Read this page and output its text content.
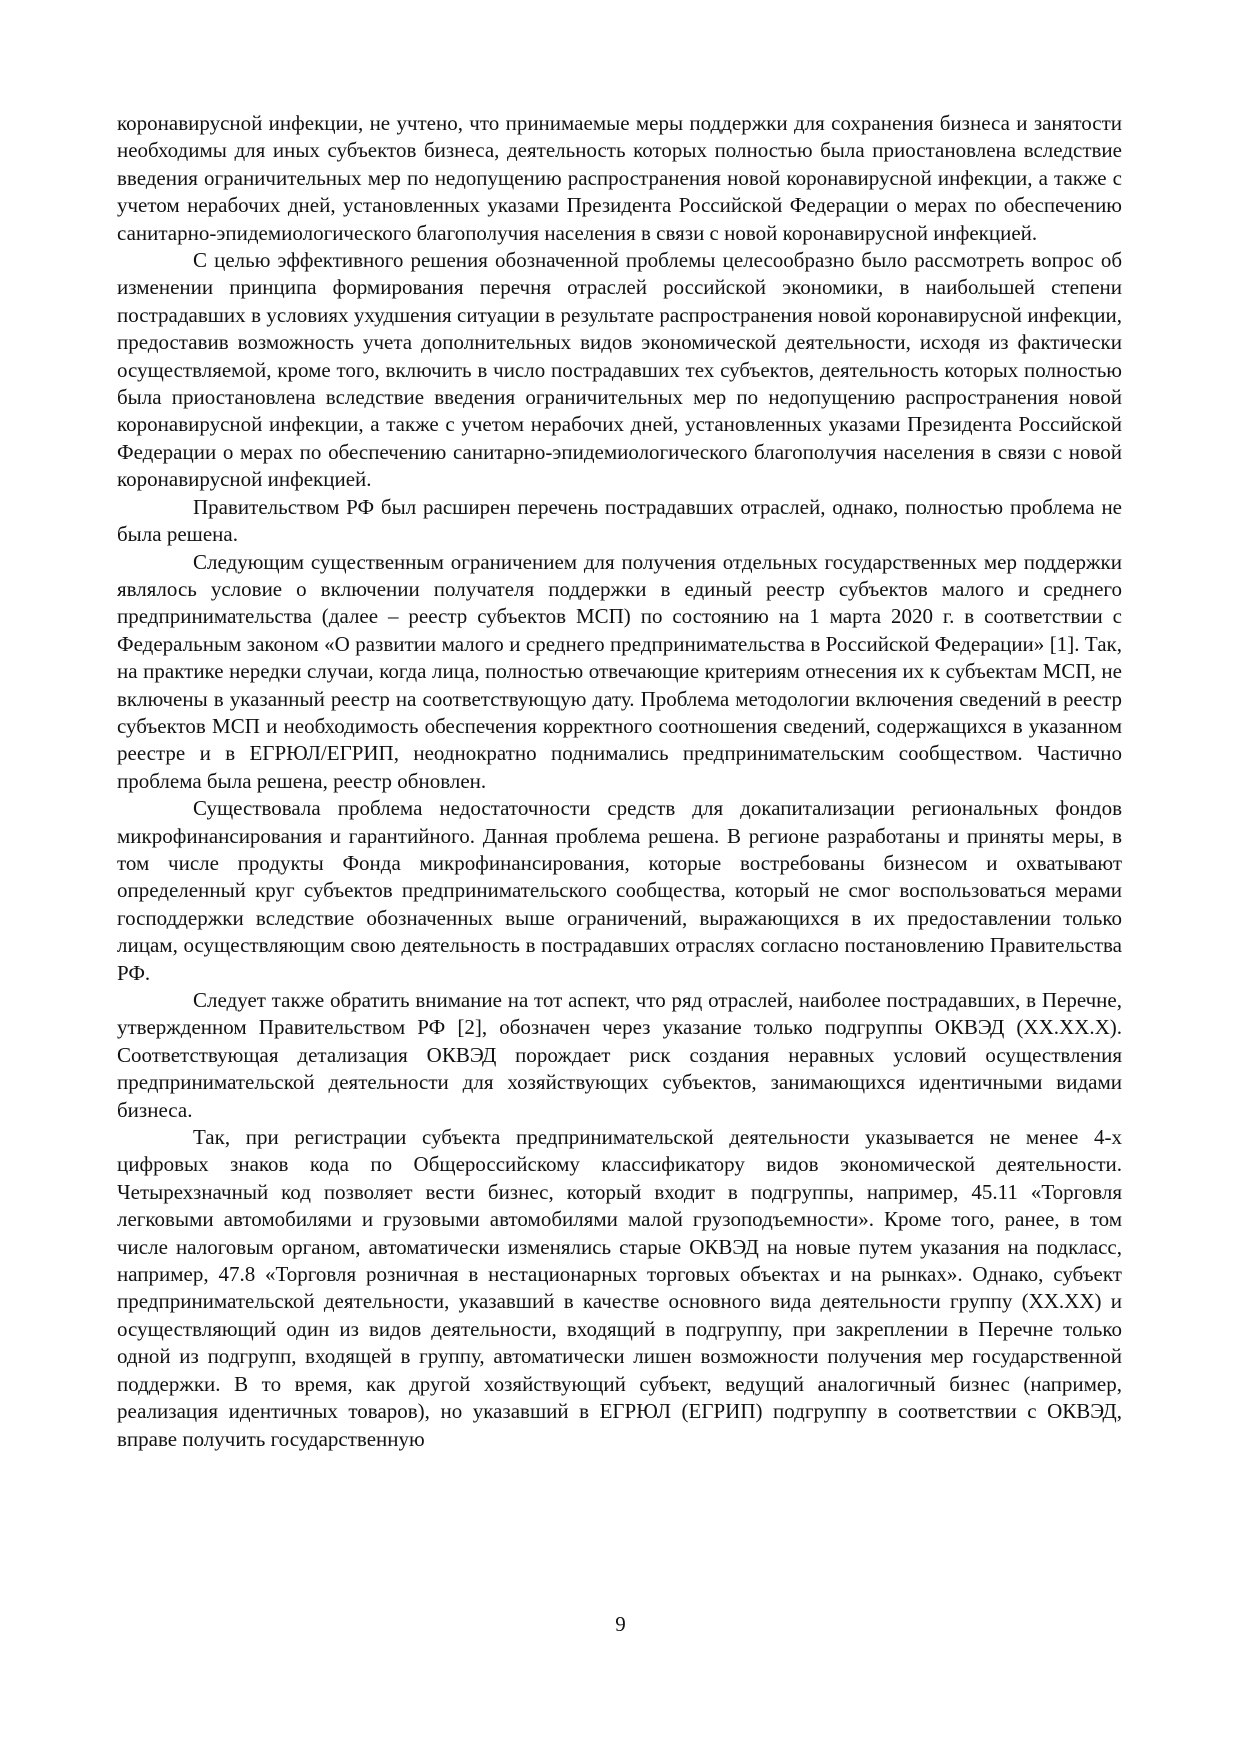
коронавирусной инфекции, не учтено, что принимаемые меры поддержки для сохранения бизнеса и занятости необходимы для иных субъектов бизнеса, деятельность которых полностью была приостановлена вследствие введения ограничительных мер по недопущению распространения новой коронавирусной инфекции, а также с учетом нерабочих дней, установленных указами Президента Российской Федерации о мерах по обеспечению санитарно-эпидемиологического благополучия населения в связи с новой коронавирусной инфекцией.

С целью эффективного решения обозначенной проблемы целесообразно было рассмотреть вопрос об изменении принципа формирования перечня отраслей российской экономики, в наибольшей степени пострадавших в условиях ухудшения ситуации в результате распространения новой коронавирусной инфекции, предоставив возможность учета дополнительных видов экономической деятельности, исходя из фактически осуществляемой, кроме того, включить в число пострадавших тех субъектов, деятельность которых полностью была приостановлена вследствие введения ограничительных мер по недопущению распространения новой коронавирусной инфекции, а также с учетом нерабочих дней, установленных указами Президента Российской Федерации о мерах по обеспечению санитарно-эпидемиологического благополучия населения в связи с новой коронавирусной инфекцией.

Правительством РФ был расширен перечень пострадавших отраслей, однако, полностью проблема не была решена.

Следующим существенным ограничением для получения отдельных государственных мер поддержки являлось условие о включении получателя поддержки в единый реестр субъектов малого и среднего предпринимательства (далее – реестр субъектов МСП) по состоянию на 1 марта 2020 г. в соответствии с Федеральным законом «О развитии малого и среднего предпринимательства в Российской Федерации» [1]. Так, на практике нередки случаи, когда лица, полностью отвечающие критериям отнесения их к субъектам МСП, не включены в указанный реестр на соответствующую дату. Проблема методологии включения сведений в реестр субъектов МСП и необходимость обеспечения корректного соотношения сведений, содержащихся в указанном реестре и в ЕГРЮЛ/ЕГРИП, неоднократно поднимались предпринимательским сообществом. Частично проблема была решена, реестр обновлен.

Существовала проблема недостаточности средств для докапитализации региональных фондов микрофинансирования и гарантийного. Данная проблема решена. В регионе разработаны и приняты меры, в том числе продукты Фонда микрофинансирования, которые востребованы бизнесом и охватывают определенный круг субъектов предпринимательского сообщества, который не смог воспользоваться мерами господдержки вследствие обозначенных выше ограничений, выражающихся в их предоставлении только лицам, осуществляющим свою деятельность в пострадавших отраслях согласно постановлению Правительства РФ.

Следует также обратить внимание на тот аспект, что ряд отраслей, наиболее пострадавших, в Перечне, утвержденном Правительством РФ [2], обозначен через указание только подгруппы ОКВЭД (ХХ.ХХ.Х). Соответствующая детализация ОКВЭД порождает риск создания неравных условий осуществления предпринимательской деятельности для хозяйствующих субъектов, занимающихся идентичными видами бизнеса.

Так, при регистрации субъекта предпринимательской деятельности указывается не менее 4-х цифровых знаков кода по Общероссийскому классификатору видов экономической деятельности. Четырехзначный код позволяет вести бизнес, который входит в подгруппы, например, 45.11 «Торговля легковыми автомобилями и грузовыми автомобилями малой грузоподъемности». Кроме того, ранее, в том числе налоговым органом, автоматически изменялись старые ОКВЭД на новые путем указания на подкласс, например, 47.8 «Торговля розничная в нестационарных торговых объектах и на рынках». Однако, субъект предпринимательской деятельности, указавший в качестве основного вида деятельности группу (ХХ.ХХ) и осуществляющий один из видов деятельности, входящий в подгруппу, при закреплении в Перечне только одной из подгрупп, входящей в группу, автоматически лишен возможности получения мер государственной поддержки. В то время, как другой хозяйствующий субъект, ведущий аналогичный бизнес (например, реализация идентичных товаров), но указавший в ЕГРЮЛ (ЕГРИП) подгруппу в соответствии с ОКВЭД, вправе получить государственную

9
